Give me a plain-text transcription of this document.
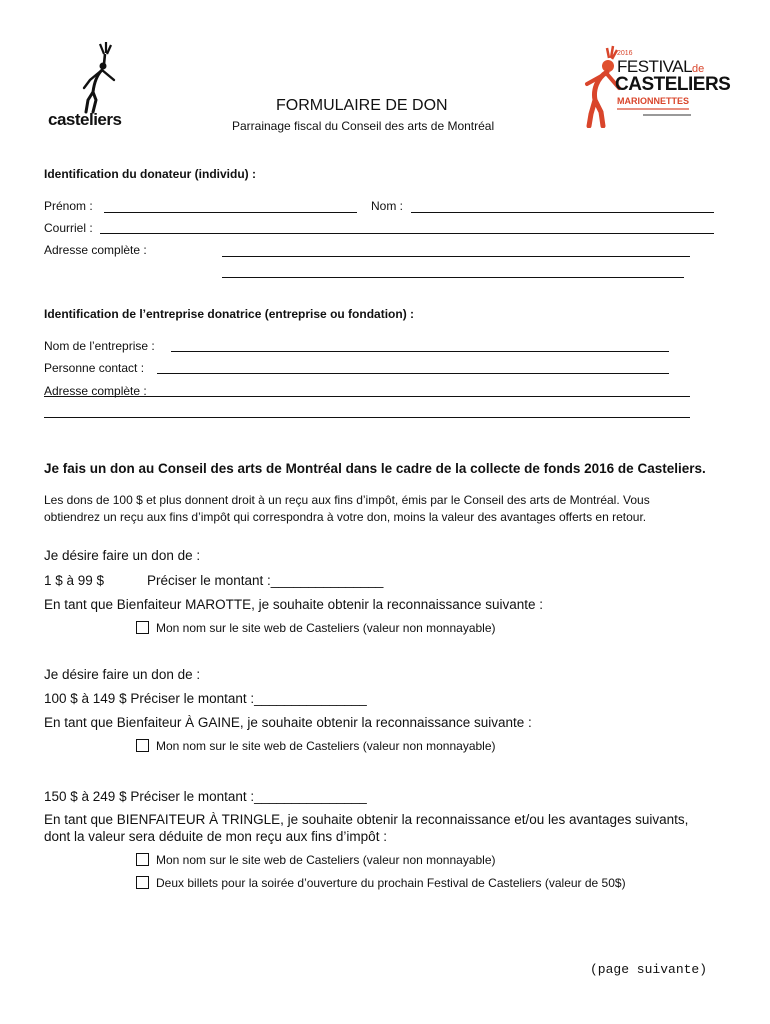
casteliers
2016
FESTIVALde
CASTELIERS
MARIONNETTES
FORMULAIRE DE DON
Parrainage fiscal du Conseil des arts de Montréal
Identification du donateur (individu) :
Prénom :	Nom :
Courriel :
Adresse complète :
Identification de l’entreprise donatrice (entreprise ou fondation) :
Nom de l’entreprise :
Personne contact :
Adresse complète :
Je fais un don au Conseil des arts de Montréal dans le cadre de la collecte de fonds 2016 de Casteliers.
Les dons de 100 $ et plus donnent droit à un reçu aux fins d’impôt, émis par le Conseil des arts de Montréal. Vous
obtiendrez un reçu aux fins d’impôt qui correspondra à votre don, moins la valeur des avantages offerts en retour.
Je désire faire un don de :
1 $ à 99 $	Préciser le montant :_______________
En tant que Bienfaiteur MAROTTE, je souhaite obtenir la reconnaissance suivante :
Mon nom sur le site web de Casteliers (valeur non monnayable)
Je désire faire un don de :
100 $ à 149 $ Préciser le montant :_______________
En tant que Bienfaiteur À GAINE, je souhaite obtenir la reconnaissance suivante :
Mon nom sur le site web de Casteliers (valeur non monnayable)
150 $ à 249 $ Préciser le montant :_______________
En tant que BIENFAITEUR À TRINGLE, je souhaite obtenir la reconnaissance et/ou les avantages suivants,
dont la valeur sera déduite de mon reçu aux fins d’impôt :
Mon nom sur le site web de Casteliers (valeur non monnayable)
Deux billets pour la soirée d’ouverture du prochain Festival de Casteliers (valeur de 50$)
(page suivante)
